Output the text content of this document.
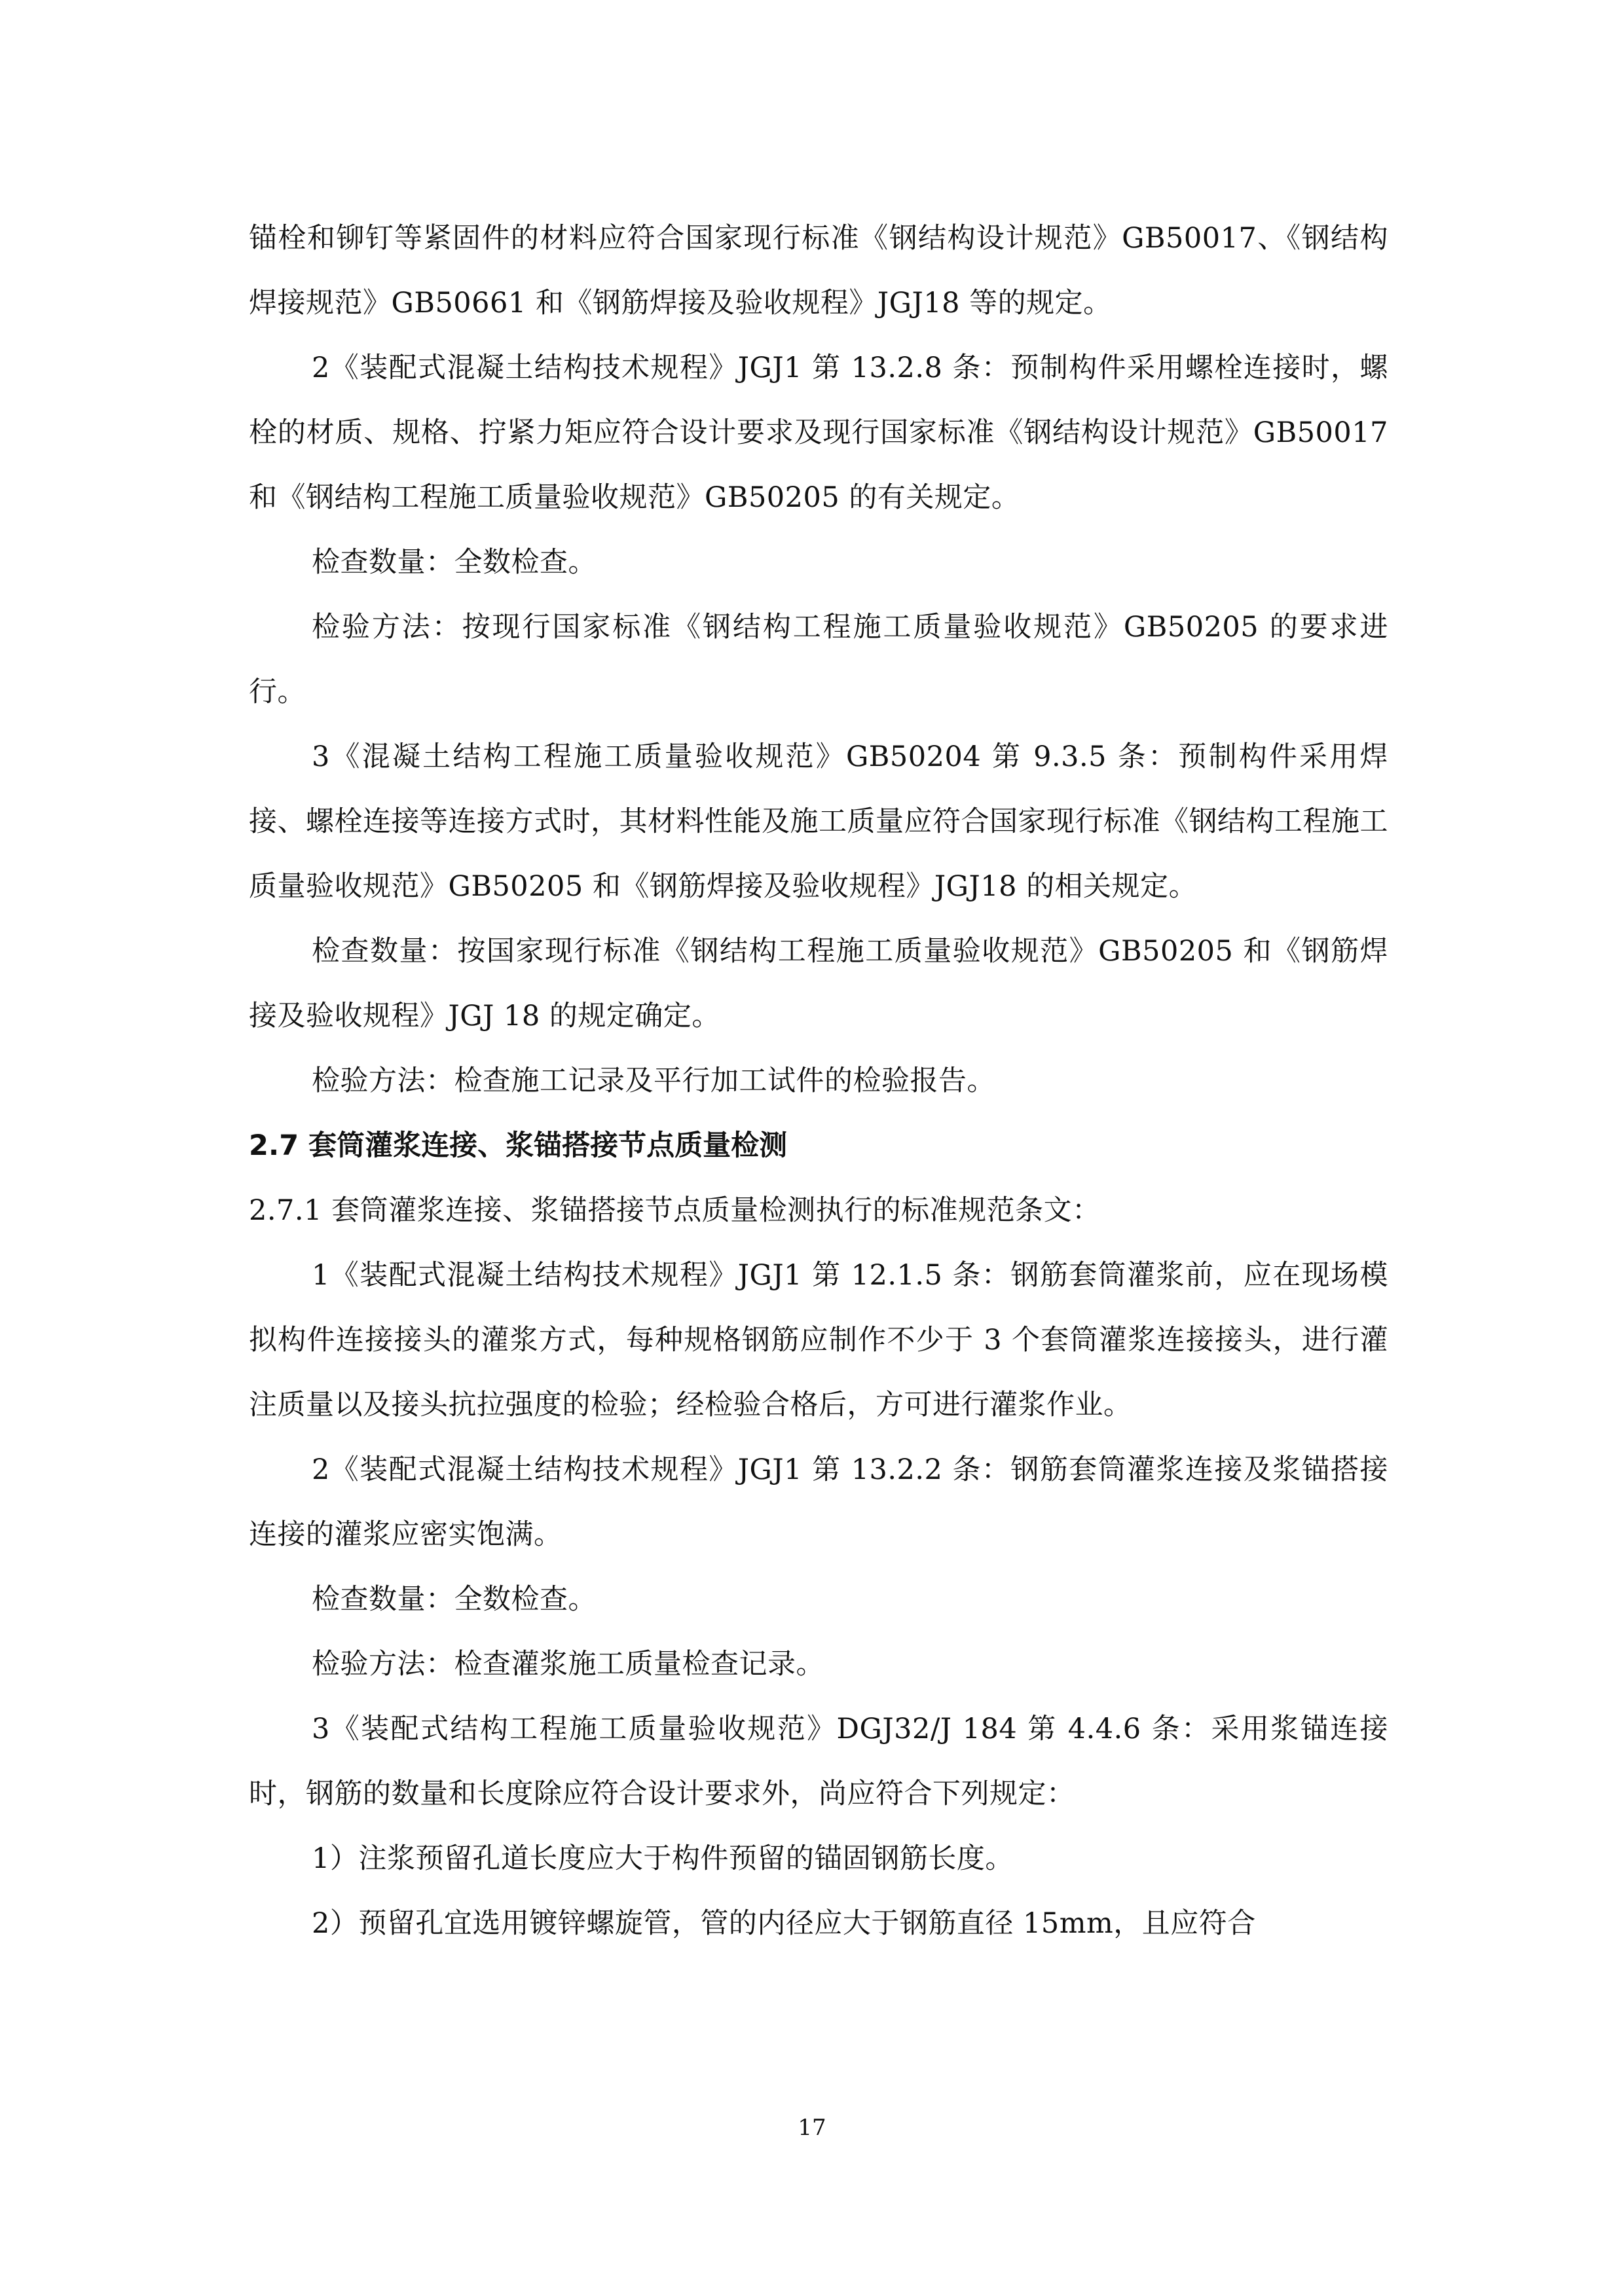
锚栓和铆钉等紧固件的材料应符合国家现行标准《钢结构设计规范》GB50017、《钢结构焊接规范》GB50661 和《钢筋焊接及验收规程》JGJ18 等的规定。

2《装配式混凝土结构技术规程》JGJ1 第 13.2.8 条：预制构件采用螺栓连接时，螺栓的材质、规格、拧紧力矩应符合设计要求及现行国家标准《钢结构设计规范》GB50017 和《钢结构工程施工质量验收规范》GB50205 的有关规定。

检查数量：全数检查。

检验方法：按现行国家标准《钢结构工程施工质量验收规范》GB50205 的要求进行。

3《混凝土结构工程施工质量验收规范》GB50204 第 9.3.5 条：预制构件采用焊接、螺栓连接等连接方式时，其材料性能及施工质量应符合国家现行标准《钢结构工程施工质量验收规范》GB50205 和《钢筋焊接及验收规程》JGJ18 的相关规定。

检查数量：按国家现行标准《钢结构工程施工质量验收规范》GB50205 和《钢筋焊接及验收规程》JGJ 18 的规定确定。

检验方法：检查施工记录及平行加工试件的检验报告。

2.7 套筒灌浆连接、浆锚搭接节点质量检测

2.7.1 套筒灌浆连接、浆锚搭接节点质量检测执行的标准规范条文：

1《装配式混凝土结构技术规程》JGJ1 第 12.1.5 条：钢筋套筒灌浆前，应在现场模拟构件连接接头的灌浆方式，每种规格钢筋应制作不少于 3 个套筒灌浆连接接头，进行灌注质量以及接头抗拉强度的检验；经检验合格后，方可进行灌浆作业。

2《装配式混凝土结构技术规程》JGJ1 第 13.2.2 条：钢筋套筒灌浆连接及浆锚搭接连接的灌浆应密实饱满。

检查数量：全数检查。

检验方法：检查灌浆施工质量检查记录。

3《装配式结构工程施工质量验收规范》DGJ32/J 184 第 4.4.6 条：采用浆锚连接时，钢筋的数量和长度除应符合设计要求外，尚应符合下列规定：

1）注浆预留孔道长度应大于构件预留的锚固钢筋长度。

2）预留孔宜选用镀锌螺旋管，管的内径应大于钢筋直径 15mm，且应符合

17
